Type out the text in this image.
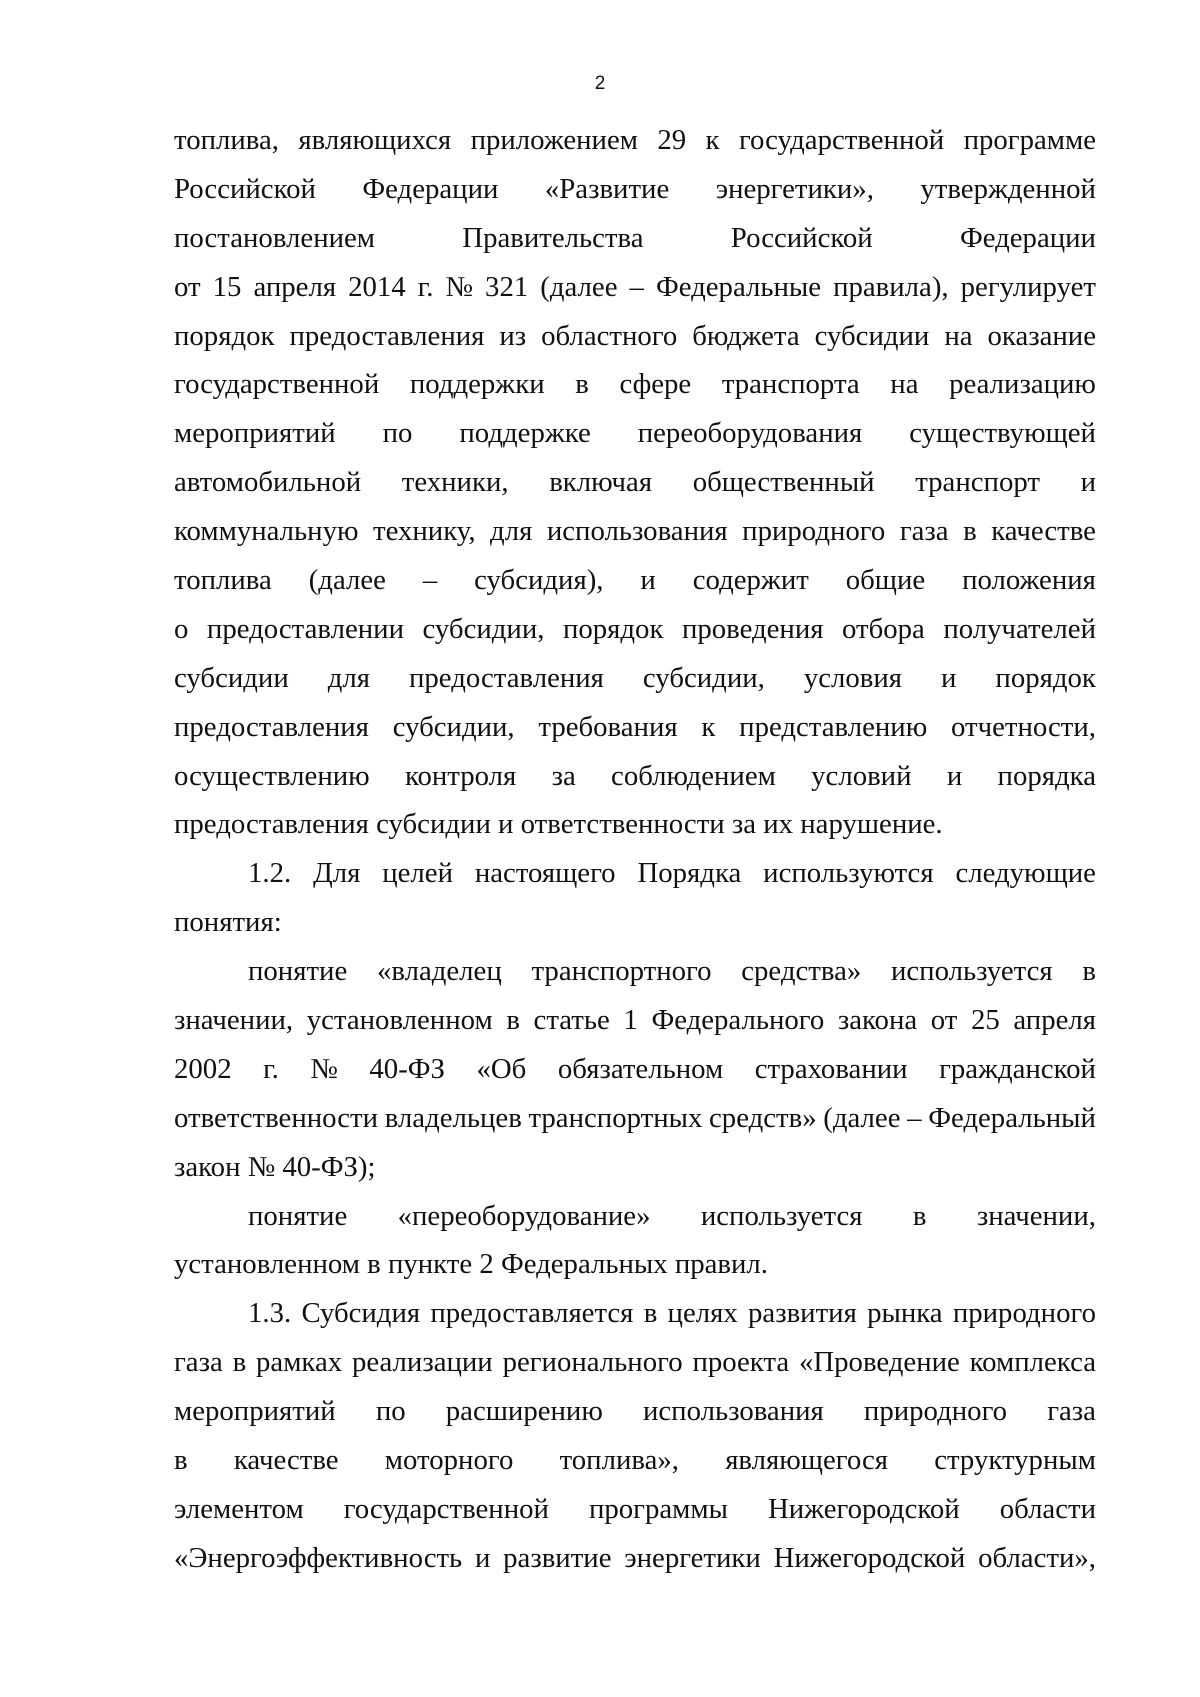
2
топлива, являющихся приложением 29 к государственной программе
Российской Федерации «Развитие энергетики», утвержденной
постановлением	Правительства	Российской	Федерации
от 15 апреля 2014 г. № 321 (далее – Федеральные правила), регулирует
порядок предоставления из областного бюджета субсидии на оказание
государственной поддержки в сфере транспорта на реализацию
мероприятий по поддержке переоборудования существующей
автомобильной техники, включая общественный транспорт и
коммунальную технику, для использования природного газа в качестве
топлива (далее – субсидия), и содержит общие положения
о предоставлении субсидии, порядок проведения отбора получателей
субсидии для предоставления субсидии, условия и порядок
предоставления субсидии, требования к представлению отчетности,
осуществлению контроля за соблюдением условий и порядка
предоставления субсидии и ответственности за их нарушение.
1.2. Для целей настоящего Порядка используются следующие
понятия:
понятие «владелец транспортного средства» используется в
значении, установленном в статье 1 Федерального закона от 25 апреля
2002 г. № 40-ФЗ «Об обязательном страховании гражданской
ответственности владельцев транспортных средств» (далее – Федеральный
закон № 40-ФЗ);
понятие «переоборудование» используется в значении,
установленном в пункте 2 Федеральных правил.
1.3. Субсидия предоставляется в целях развития рынка природного
газа в рамках реализации регионального проекта «Проведение комплекса
мероприятий по расширению использования природного газа
в качестве моторного топлива», являющегося структурным
элементом государственной программы Нижегородской области
«Энергоэффективность и развитие энергетики Нижегородской области»,
